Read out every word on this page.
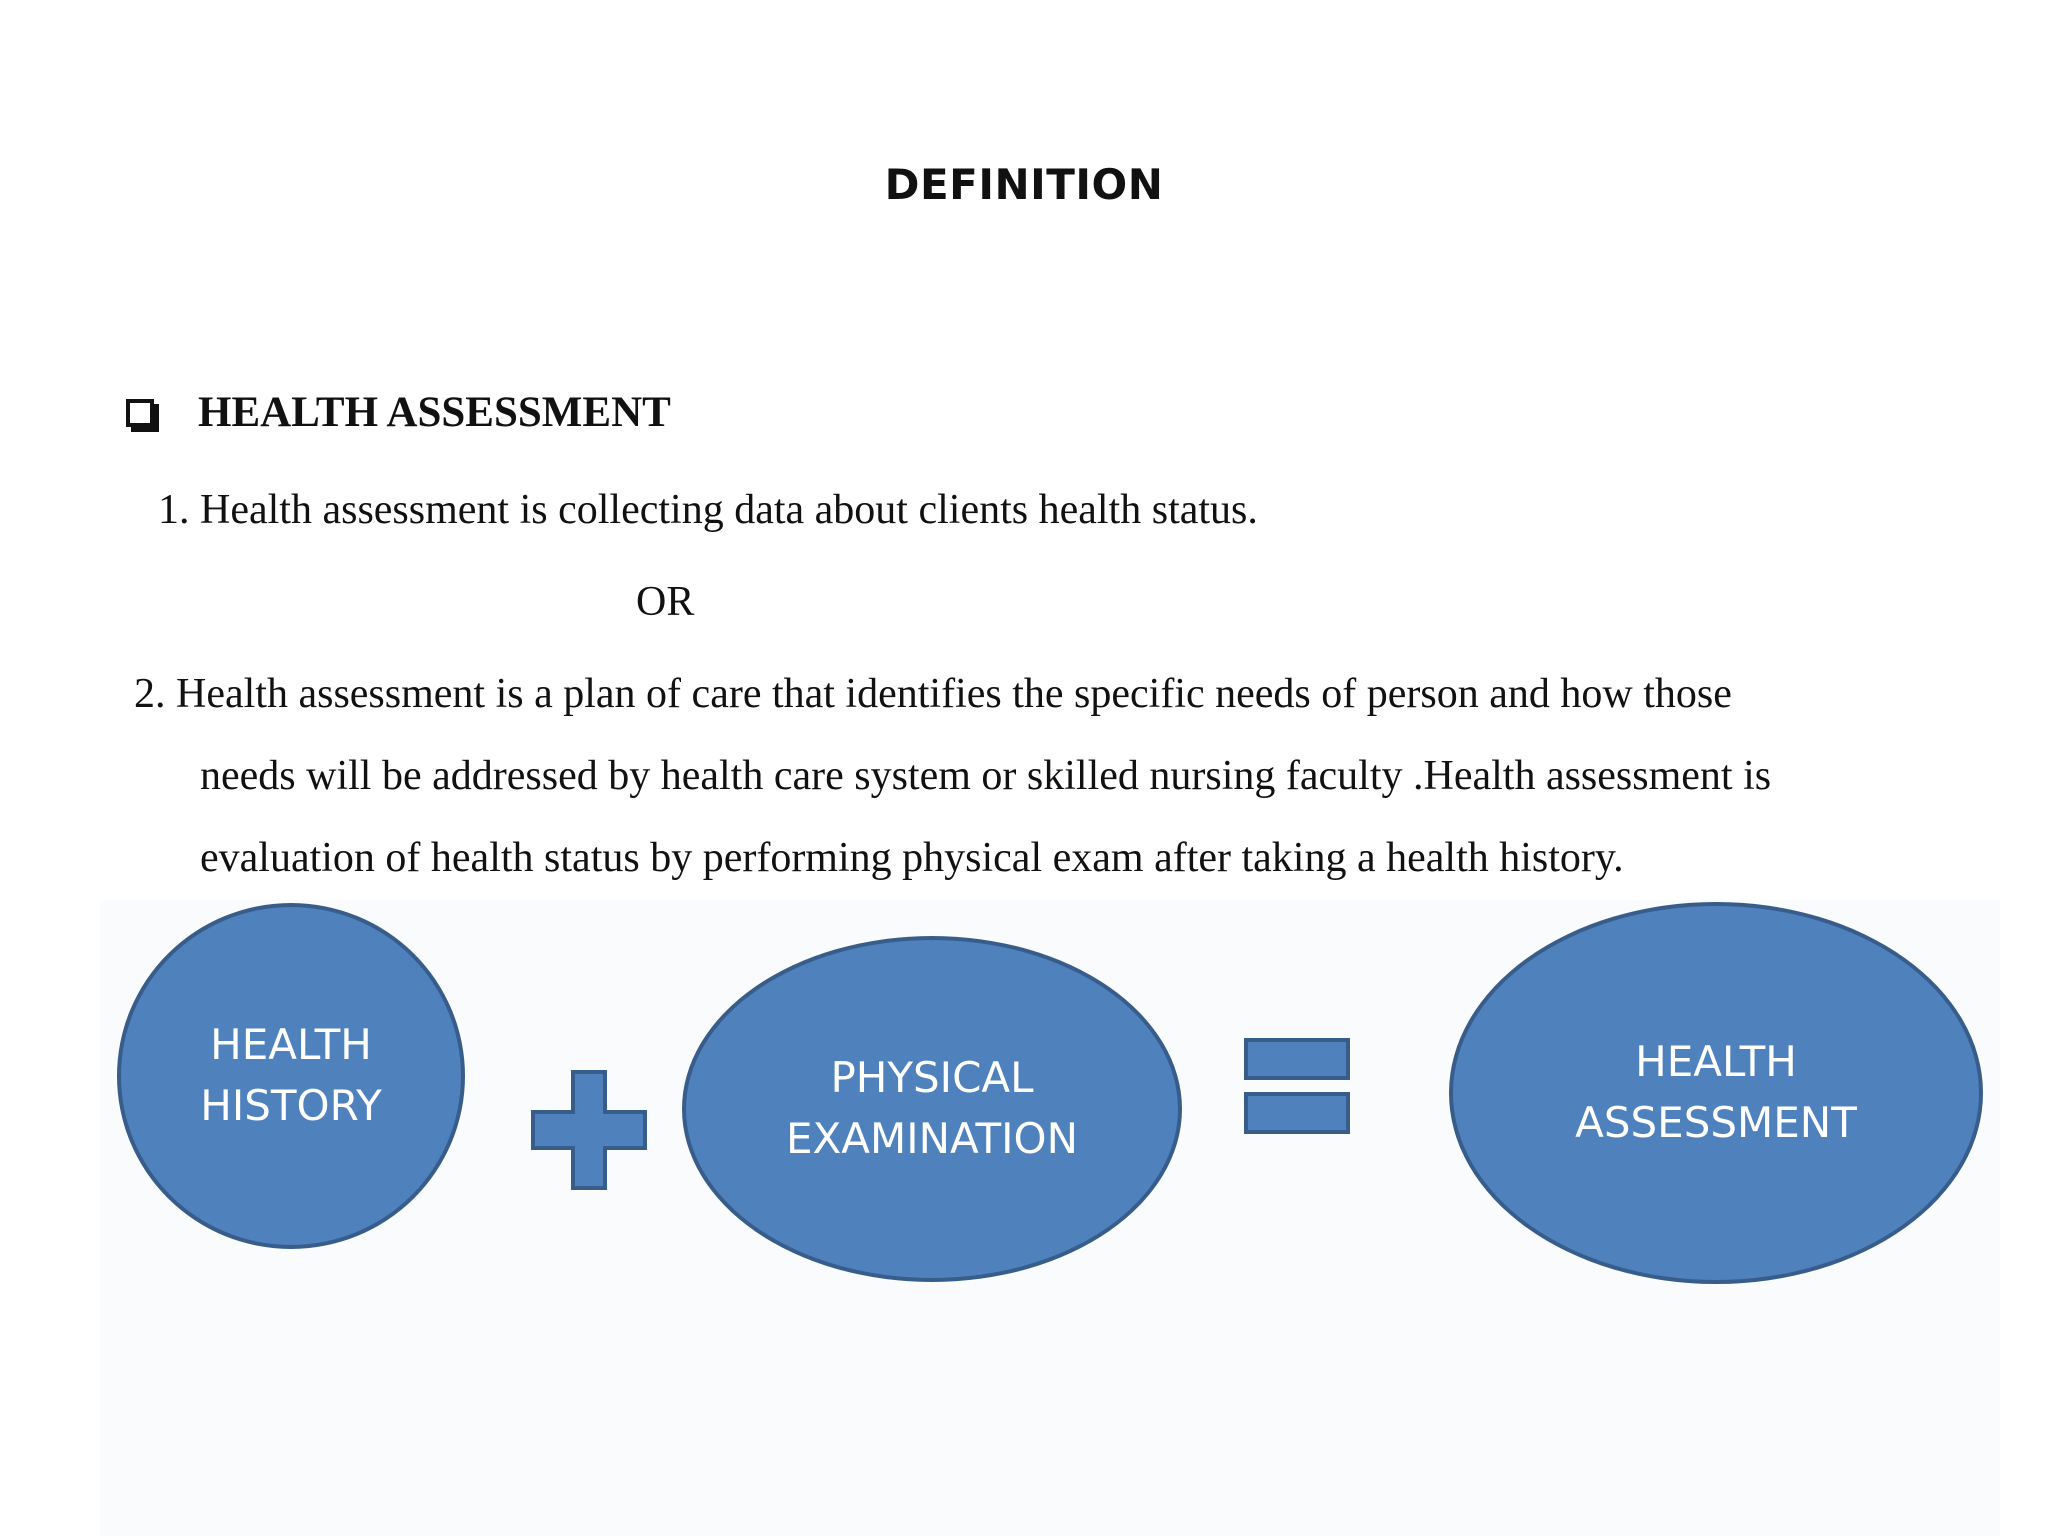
DEFINITION
HEALTH ASSESSMENT
1. Health assessment is collecting data about clients health status.
OR
2. Health assessment is a plan of care that identifies the specific needs of person and how those
needs will be addressed by health care system or skilled nursing faculty .Health assessment is
evaluation of health status by performing physical exam after taking a health history.
HEALTH
HISTORY
PHYSICAL
EXAMINATION
HEALTH
ASSESSMENT
